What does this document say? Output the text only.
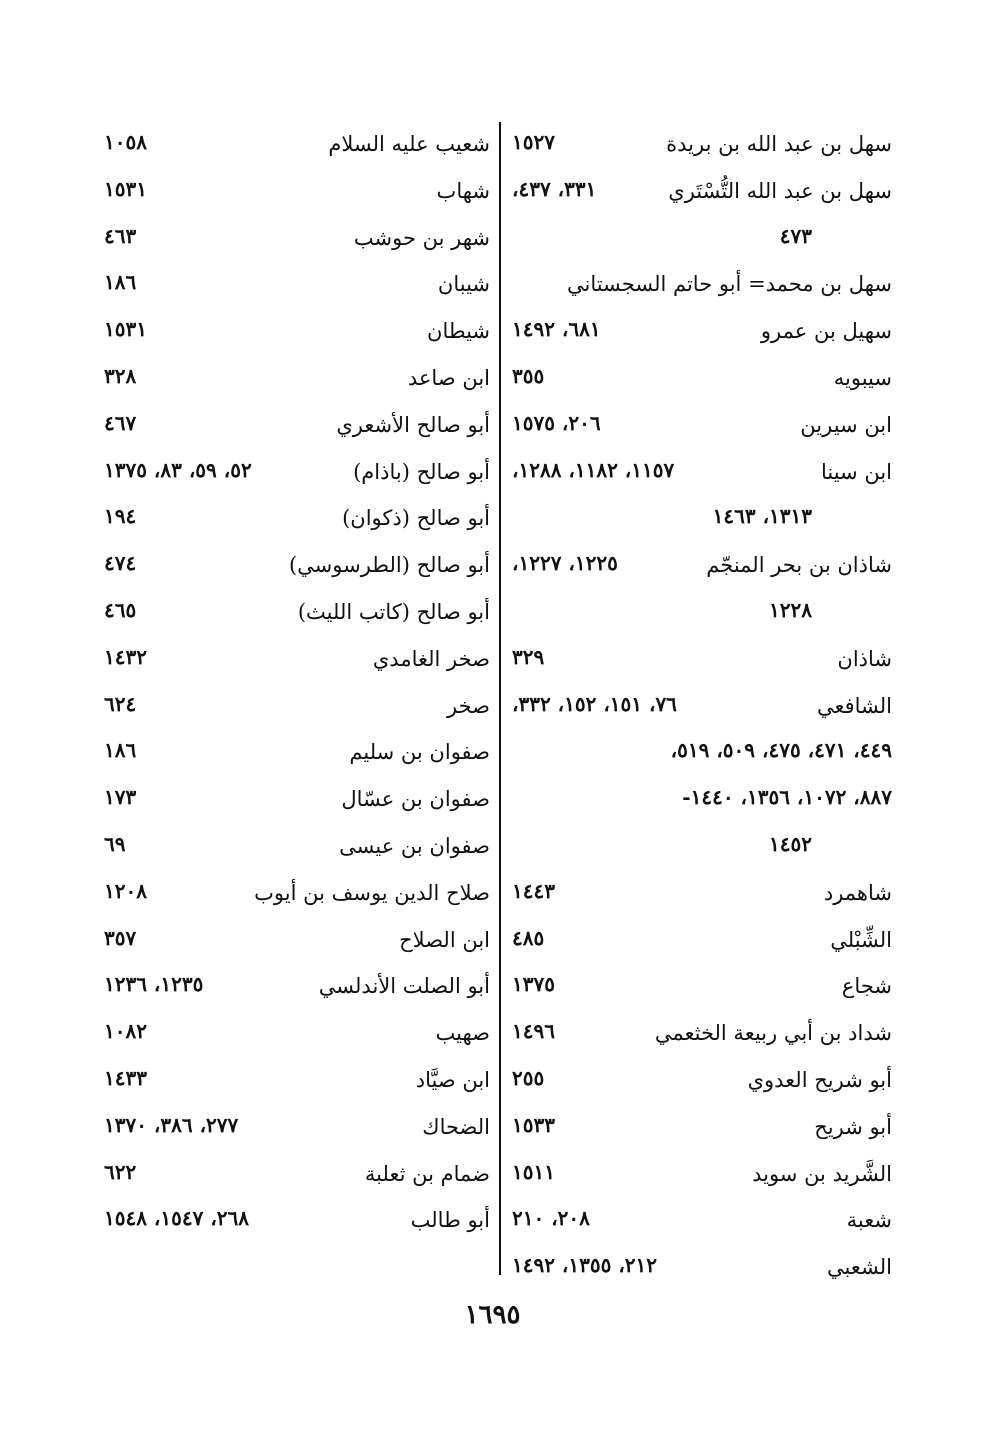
سهل بن عبد الله بن بريدة
١٥٢٧
سهل بن عبد الله التُّسْتَري
٣٣١، ٤٣٧،
٤٧٣
سهل بن محمد= أبو حاتم السجستاني
سهيل بن عمرو
٦٨١، ١٤٩٢
سيبويه
٣٥٥
ابن سيرين
٢٠٦، ١٥٧٥
ابن سينا
١١٥٧، ١١٨٢، ١٢٨٨،
١٣١٣، ١٤٦٣
شاذان بن بحر المنجّم
١٢٢٥، ١٢٢٧،
١٢٢٨
شاذان
٣٢٩
الشافعي
٧٦، ١٥١، ١٥٢، ٣٣٢،
٤٤٩، ٤٧١، ٤٧٥، ٥٠٩، ٥١٩،
٨٨٧، ١٠٧٢، ١٣٥٦، ١٤٤٠-
١٤٥٢
شاهمرد
١٤٤٣
الشِّبْلي
٤٨٥
شجاع
١٣٧٥
شداد بن أبي ربيعة الخثعمي
١٤٩٦
أبو شريح العدوي
٢٥٥
أبو شريح
١٥٣٣
الشَّريد بن سويد
١٥١١
شعبة
٢٠٨، ٢١٠
الشعبي
٢١٢، ١٣٥٥، ١٤٩٢
شعيب عليه السلام
١٠٥٨
شهاب
١٥٣١
شهر بن حوشب
٤٦٣
شيبان
١٨٦
شيطان
١٥٣١
ابن صاعد
٣٢٨
أبو صالح الأشعري
٤٦٧
أبو صالح (باذام)
٥٢، ٥٩، ٨٣، ١٣٧٥
أبو صالح (ذكوان)
١٩٤
أبو صالح (الطرسوسي)
٤٧٤
أبو صالح (كاتب الليث)
٤٦٥
صخر الغامدي
١٤٣٢
صخر
٦٢٤
صفوان بن سليم
١٨٦
صفوان بن عسّال
١٧٣
صفوان بن عيسى
٦٩
صلاح الدين يوسف بن أيوب
١٢٠٨
ابن الصلاح
٣٥٧
أبو الصلت الأندلسي
١٢٣٥، ١٢٣٦
صهيب
١٠٨٢
ابن صيَّاد
١٤٣٣
الضحاك
٢٧٧، ٣٨٦، ١٣٧٠
ضمام بن ثعلبة
٦٢٢
أبو طالب
٢٦٨، ١٥٤٧، ١٥٤٨
١٦٩٥
